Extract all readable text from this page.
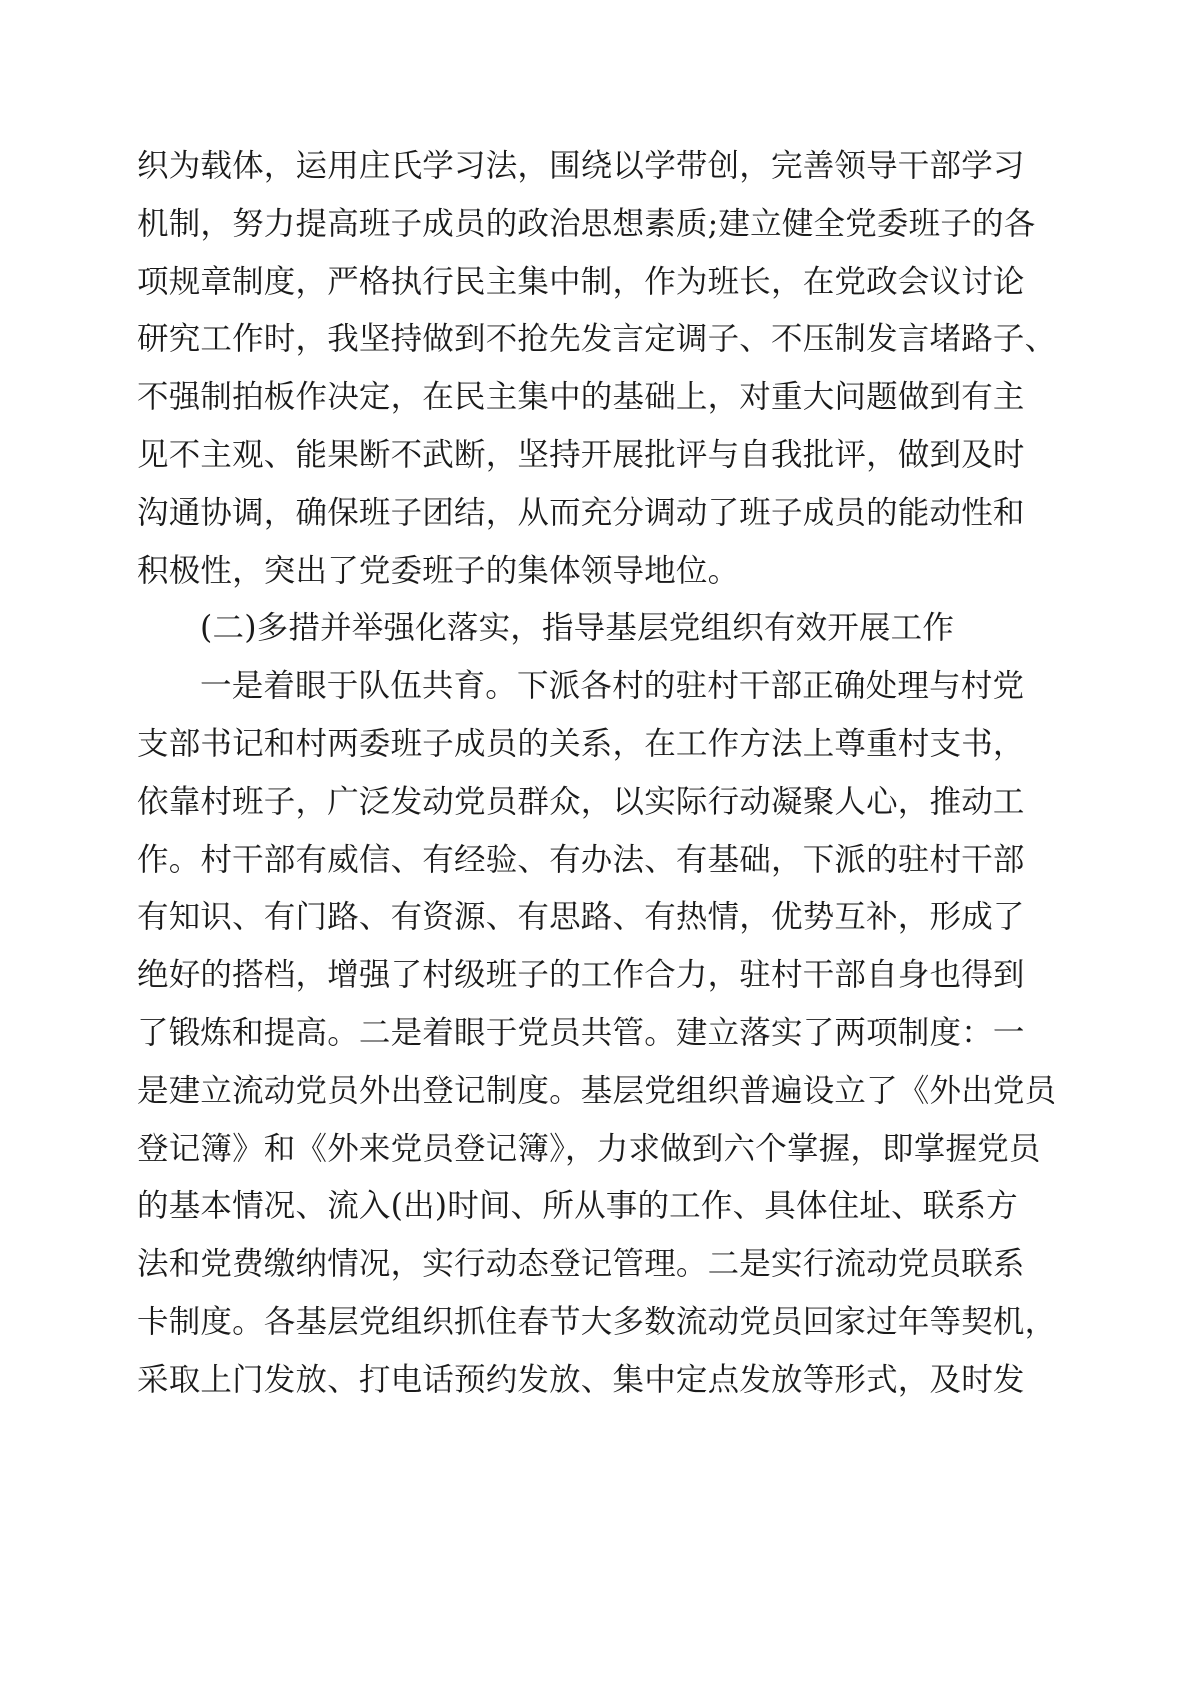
织为载体，运用庄氏学习法，围绕以学带创，完善领导干部学习
机制，努力提高班子成员的政治思想素质;建立健全党委班子的各
项规章制度，严格执行民主集中制，作为班长，在党政会议讨论
研究工作时，我坚持做到不抢先发言定调子、不压制发言堵路子、
不强制拍板作决定，在民主集中的基础上，对重大问题做到有主
见不主观、能果断不武断，坚持开展批评与自我批评，做到及时
沟通协调，确保班子团结，从而充分调动了班子成员的能动性和
积极性，突出了党委班子的集体领导地位。
(二)多措并举强化落实，指导基层党组织有效开展工作
一是着眼于队伍共育。下派各村的驻村干部正确处理与村党
支部书记和村两委班子成员的关系，在工作方法上尊重村支书，
依靠村班子，广泛发动党员群众，以实际行动凝聚人心，推动工
作。村干部有威信、有经验、有办法、有基础，下派的驻村干部
有知识、有门路、有资源、有思路、有热情，优势互补，形成了
绝好的搭档，增强了村级班子的工作合力，驻村干部自身也得到
了锻炼和提高。二是着眼于党员共管。建立落实了两项制度：一
是建立流动党员外出登记制度。基层党组织普遍设立了《外出党员
登记簿》和《外来党员登记簿》，力求做到六个掌握，即掌握党员
的基本情况、流入(出)时间、所从事的工作、具体住址、联系方
法和党费缴纳情况，实行动态登记管理。二是实行流动党员联系
卡制度。各基层党组织抓住春节大多数流动党员回家过年等契机，
采取上门发放、打电话预约发放、集中定点发放等形式，及时发
